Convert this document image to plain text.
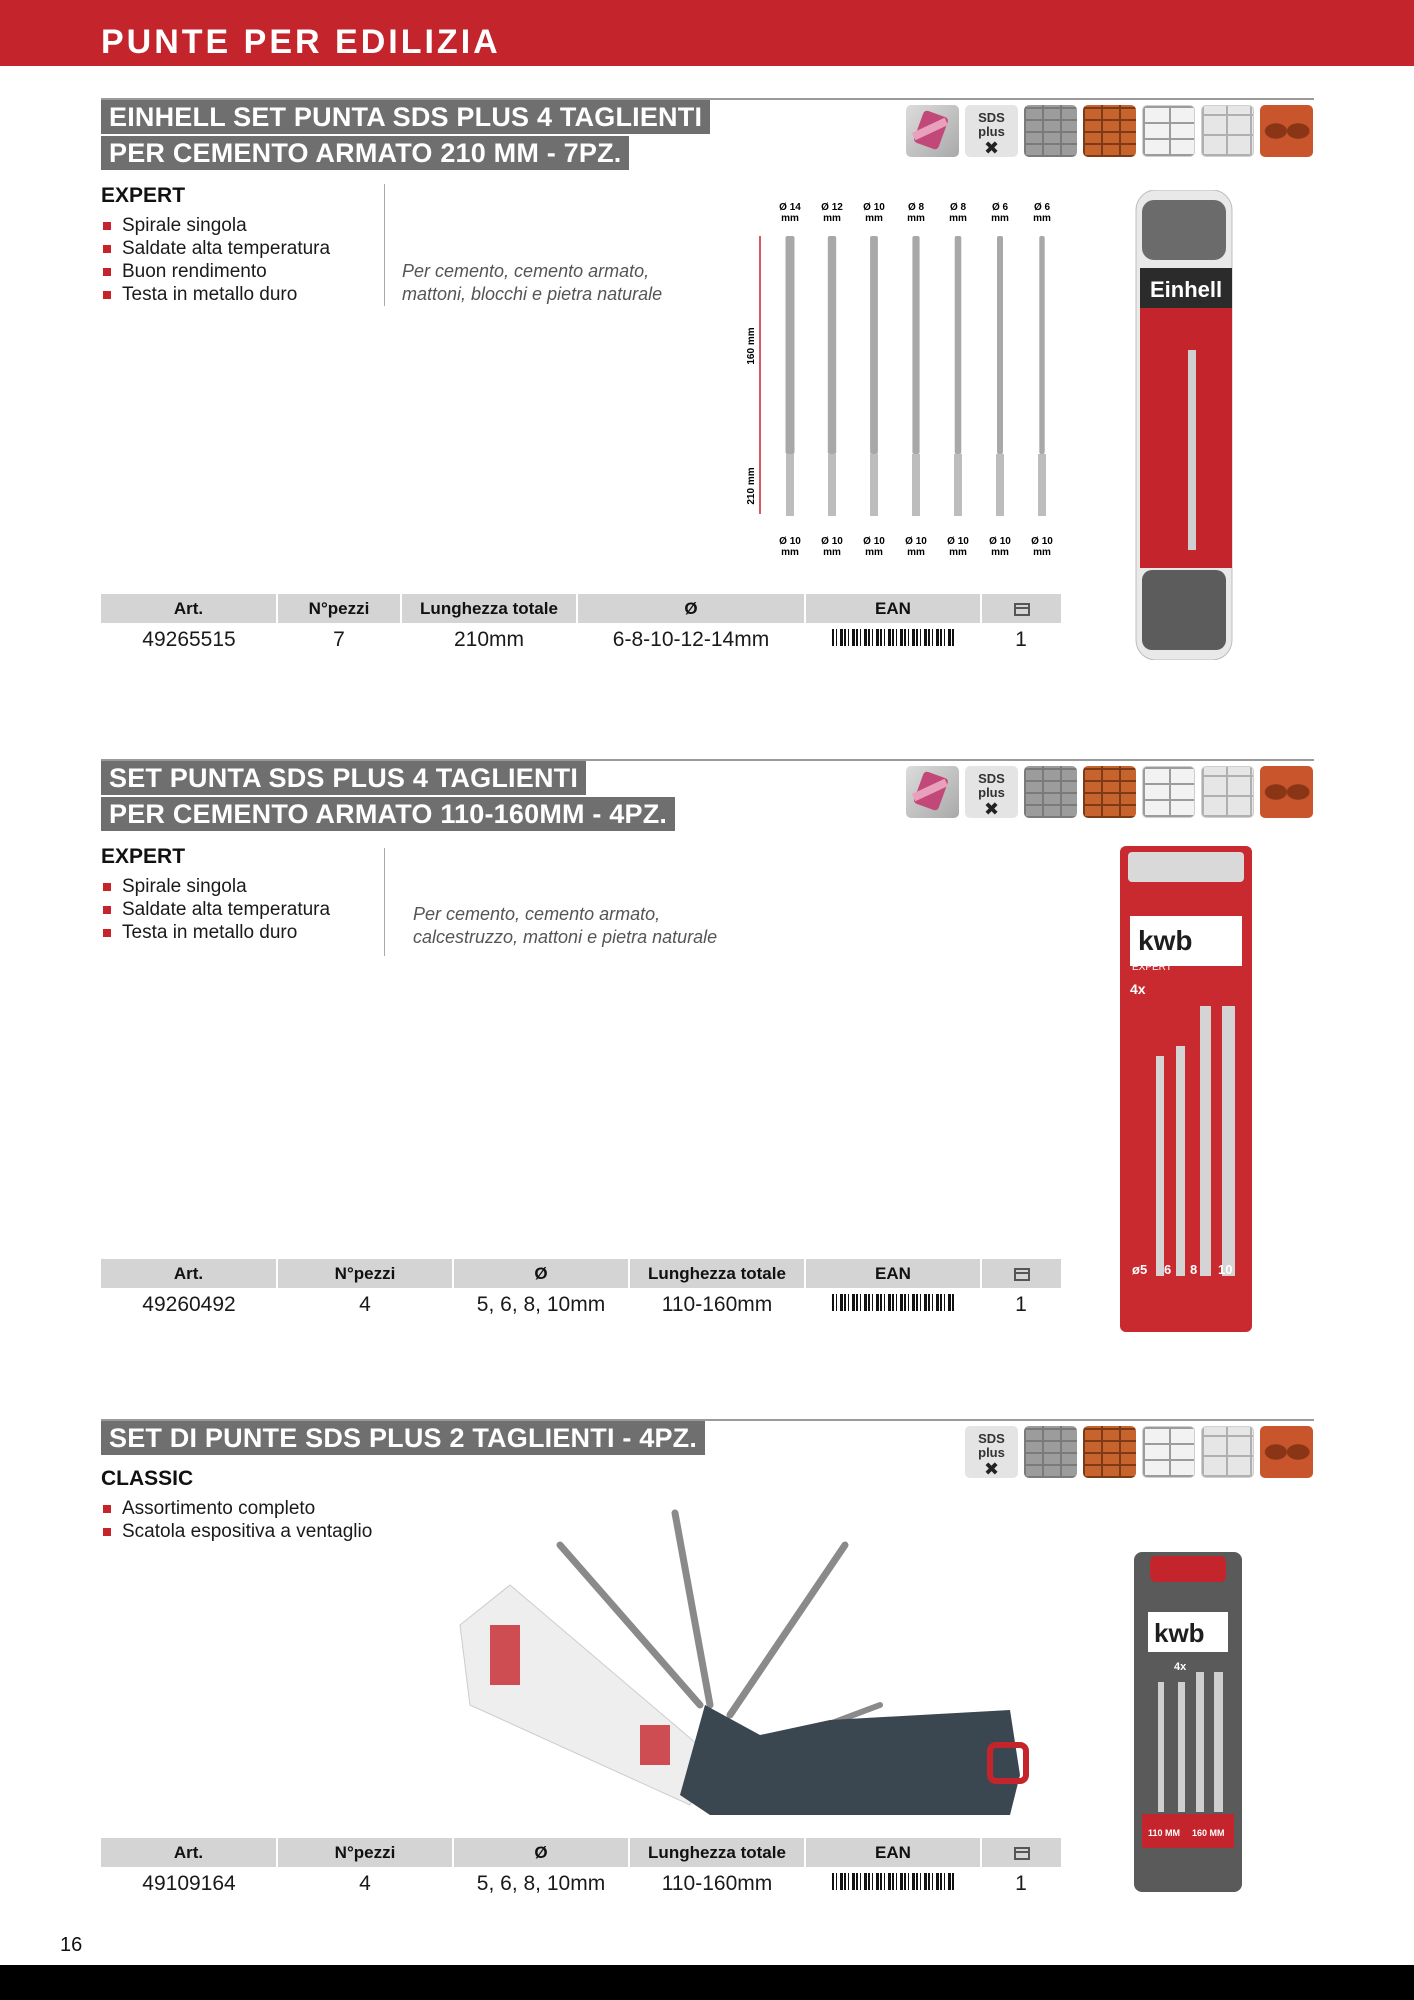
PUNTE PER EDILIZIA
EINHELL SET PUNTA SDS PLUS 4 TAGLIENTI
PER CEMENTO ARMATO 210 MM - 7PZ.
SDS
plus
✖
EXPERT
Spirale singola
Saldate alta temperatura
Buon rendimento
Testa in metallo duro
Per cemento, cemento armato,
mattoni, blocchi e pietra naturale
Ø 14
mm
Ø 10
mm
Ø 12
mm
Ø 10
mm
Ø 10
mm
Ø 10
mm
Ø 8
mm
Ø 10
mm
Ø 8
mm
Ø 10
mm
Ø 6
mm
Ø 10
mm
Ø 6
mm
Ø 10
mm
160 mm
210 mm
Einhell
Art.	N°pezzi	Lunghezza totale	Ø	EAN	
49265515	7	210mm	6-8-10-12-14mm		1
SET PUNTA SDS PLUS 4 TAGLIENTI
PER CEMENTO ARMATO 110-160MM - 4PZ.
SDS
plus
✖
EXPERT
Spirale singola
Saldate alta temperatura
Testa in metallo duro
Per cemento, cemento armato,
calcestruzzo, mattoni e pietra naturale	kwb
EXPERT
4x
ø5 6 8 10
Art.	N°pezzi	Ø	Lunghezza totale	EAN	
49260492	4	5, 6, 8, 10mm	110-160mm		1
SET DI PUNTE SDS PLUS 2 TAGLIENTI - 4PZ.	SDS
plus
✖
CLASSIC
Assortimento completo
Scatola espositiva a ventaglio
kwb
4x
110 MM 160 MM
Art.	N°pezzi	Ø	Lunghezza totale	EAN	
49109164	4	5, 6, 8, 10mm	110-160mm		1
16
